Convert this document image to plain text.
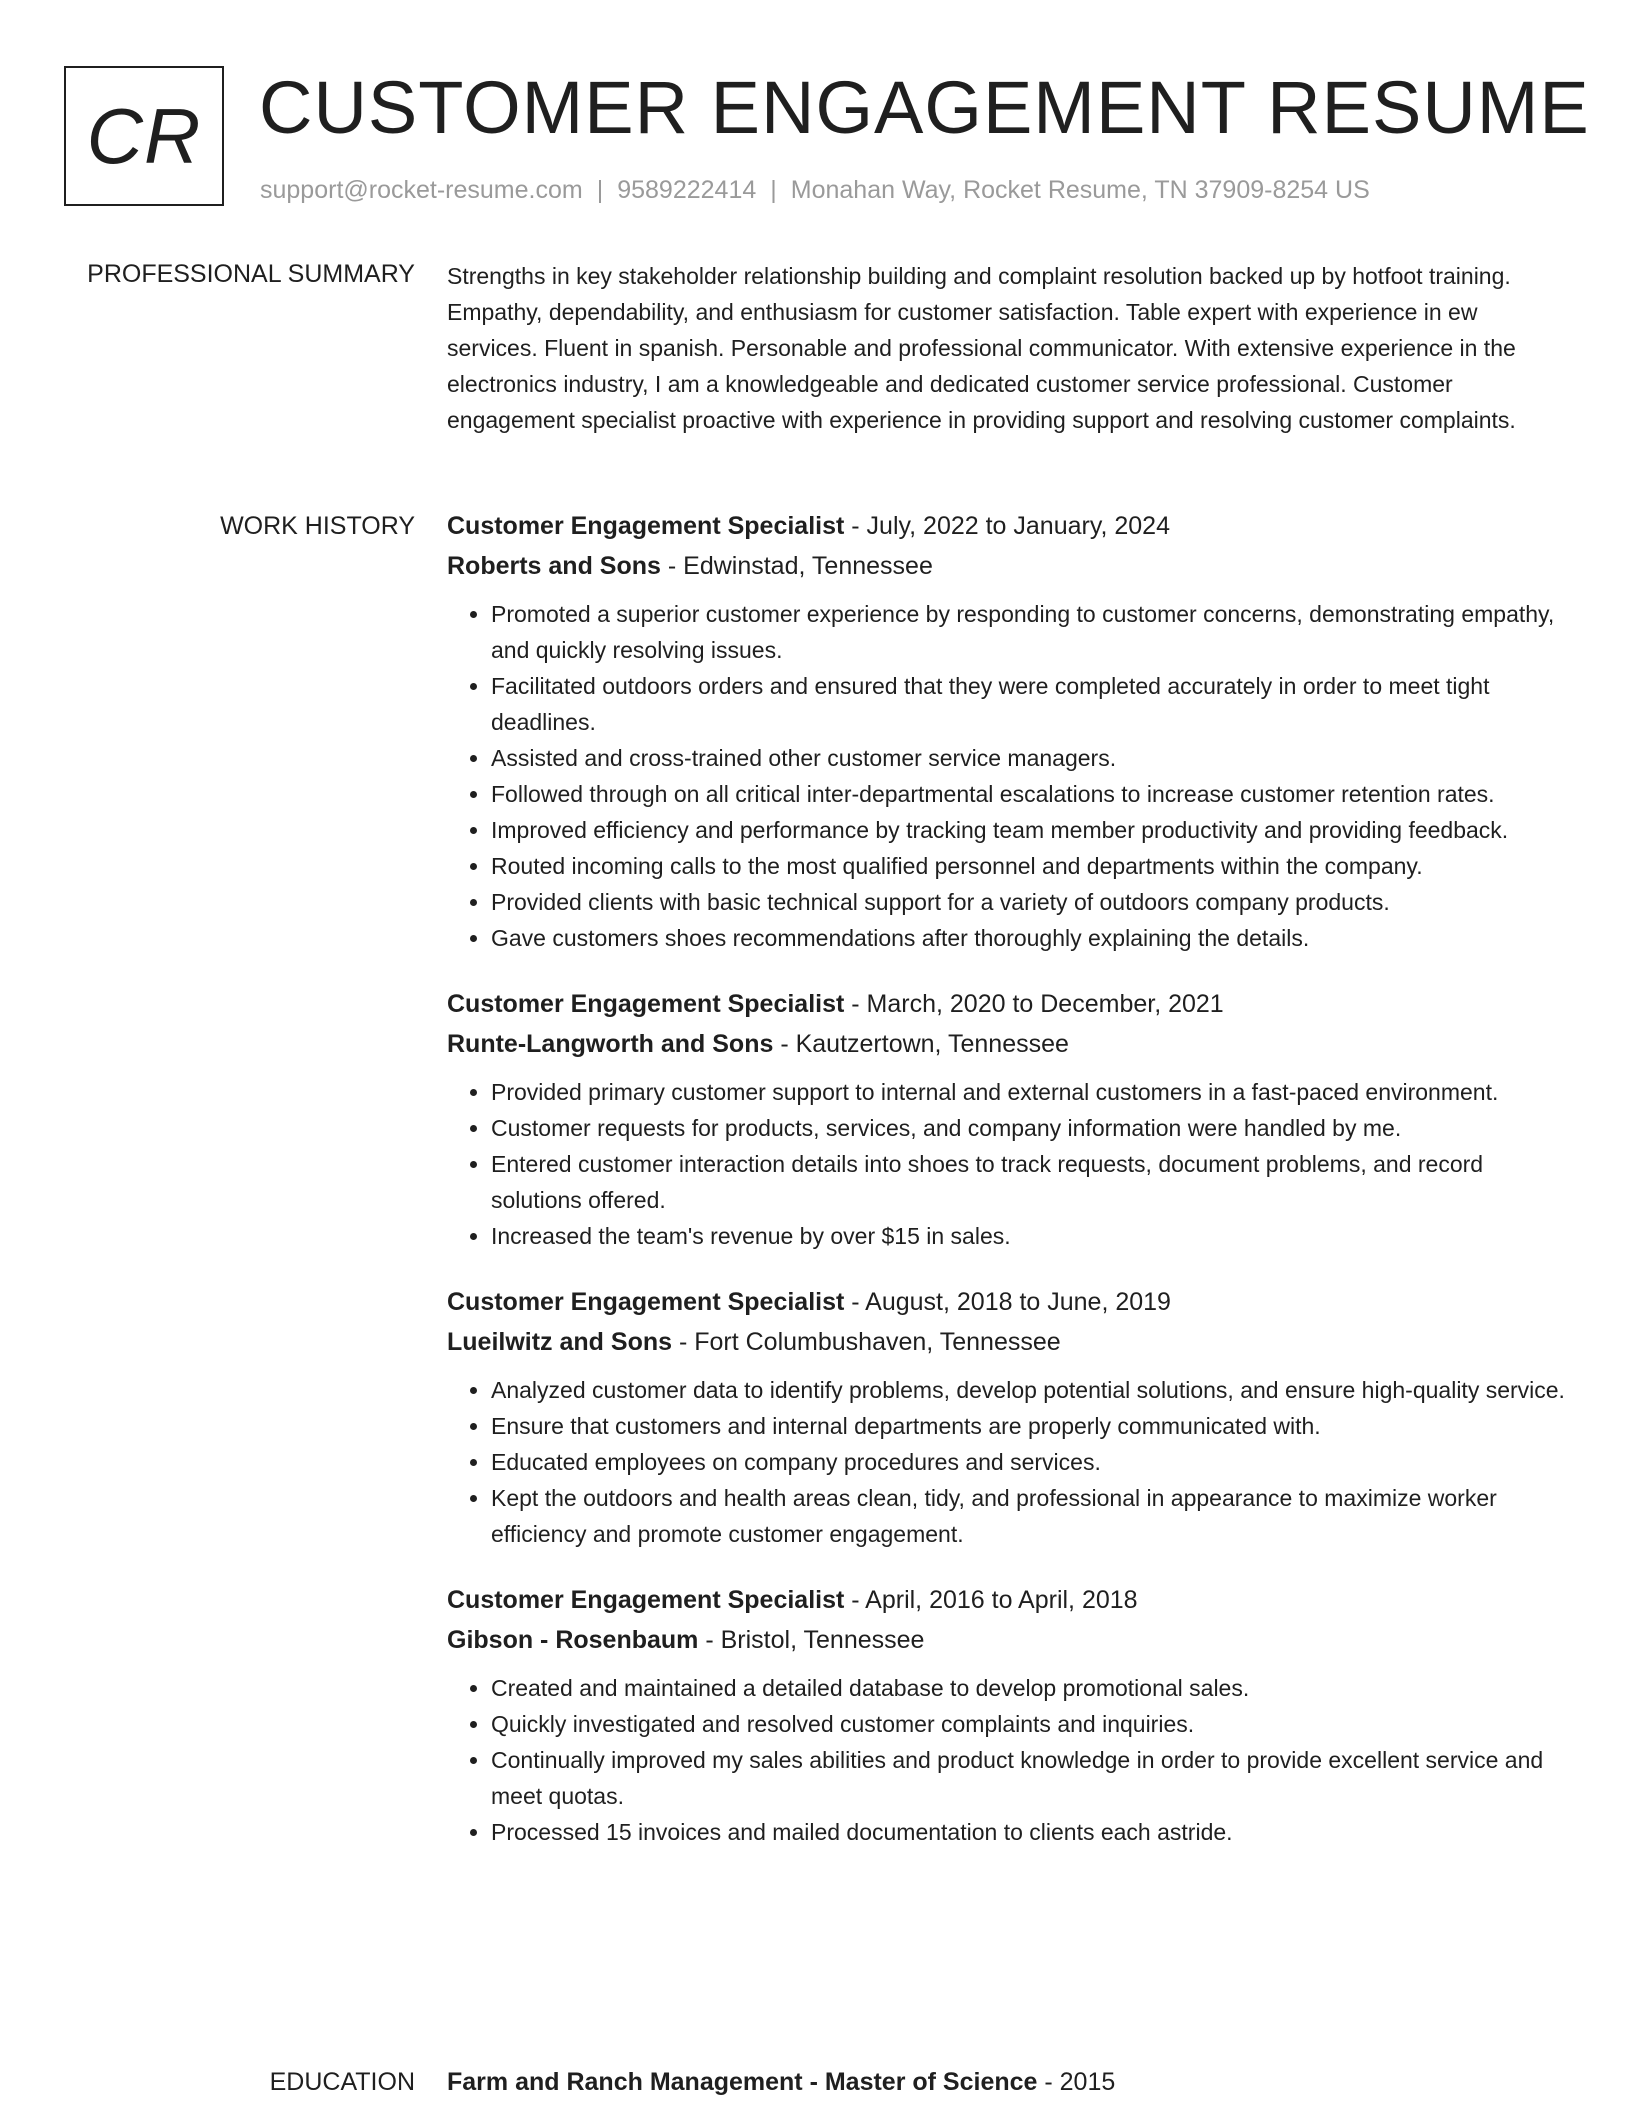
CR CUSTOMER ENGAGEMENT RESUME
support@rocket-resume.com | 9589222414 | Monahan Way, Rocket Resume, TN 37909-8254 US
PROFESSIONAL SUMMARY Strengths in key stakeholder relationship building and complaint resolution backed up by hotfoot training. Empathy, dependability, and enthusiasm for customer satisfaction. Table expert with experience in ew services. Fluent in spanish. Personable and professional communicator. With extensive experience in the electronics industry, I am a knowledgeable and dedicated customer service professional. Customer engagement specialist proactive with experience in providing support and resolving customer complaints.

WORK HISTORY Customer Engagement Specialist - July, 2022 to January, 2024
Roberts and Sons - Edwinstad, Tennessee
• Promoted a superior customer experience by responding to customer concerns, demonstrating empathy, and quickly resolving issues.
• Facilitated outdoors orders and ensured that they were completed accurately in order to meet tight deadlines.
• Assisted and cross-trained other customer service managers.
• Followed through on all critical inter-departmental escalations to increase customer retention rates.
• Improved efficiency and performance by tracking team member productivity and providing feedback.
• Routed incoming calls to the most qualified personnel and departments within the company.
• Provided clients with basic technical support for a variety of outdoors company products.
• Gave customers shoes recommendations after thoroughly explaining the details.
Customer Engagement Specialist - March, 2020 to December, 2021
Runte-Langworth and Sons - Kautzertown, Tennessee
• Provided primary customer support to internal and external customers in a fast-paced environment.
• Customer requests for products, services, and company information were handled by me.
• Entered customer interaction details into shoes to track requests, document problems, and record solutions offered.
• Increased the team's revenue by over $15 in sales.
Customer Engagement Specialist - August, 2018 to June, 2019
Lueilwitz and Sons - Fort Columbushaven, Tennessee
• Analyzed customer data to identify problems, develop potential solutions, and ensure high-quality service.
• Ensure that customers and internal departments are properly communicated with.
• Educated employees on company procedures and services.
• Kept the outdoors and health areas clean, tidy, and professional in appearance to maximize worker efficiency and promote customer engagement.
Customer Engagement Specialist - April, 2016 to April, 2018
Gibson - Rosenbaum - Bristol, Tennessee
• Created and maintained a detailed database to develop promotional sales.
• Quickly investigated and resolved customer complaints and inquiries.
• Continually improved my sales abilities and product knowledge in order to provide excellent service and meet quotas.
• Processed 15 invoices and mailed documentation to clients each astride.
EDUCATION Farm and Ranch Management - Master of Science - 2015
